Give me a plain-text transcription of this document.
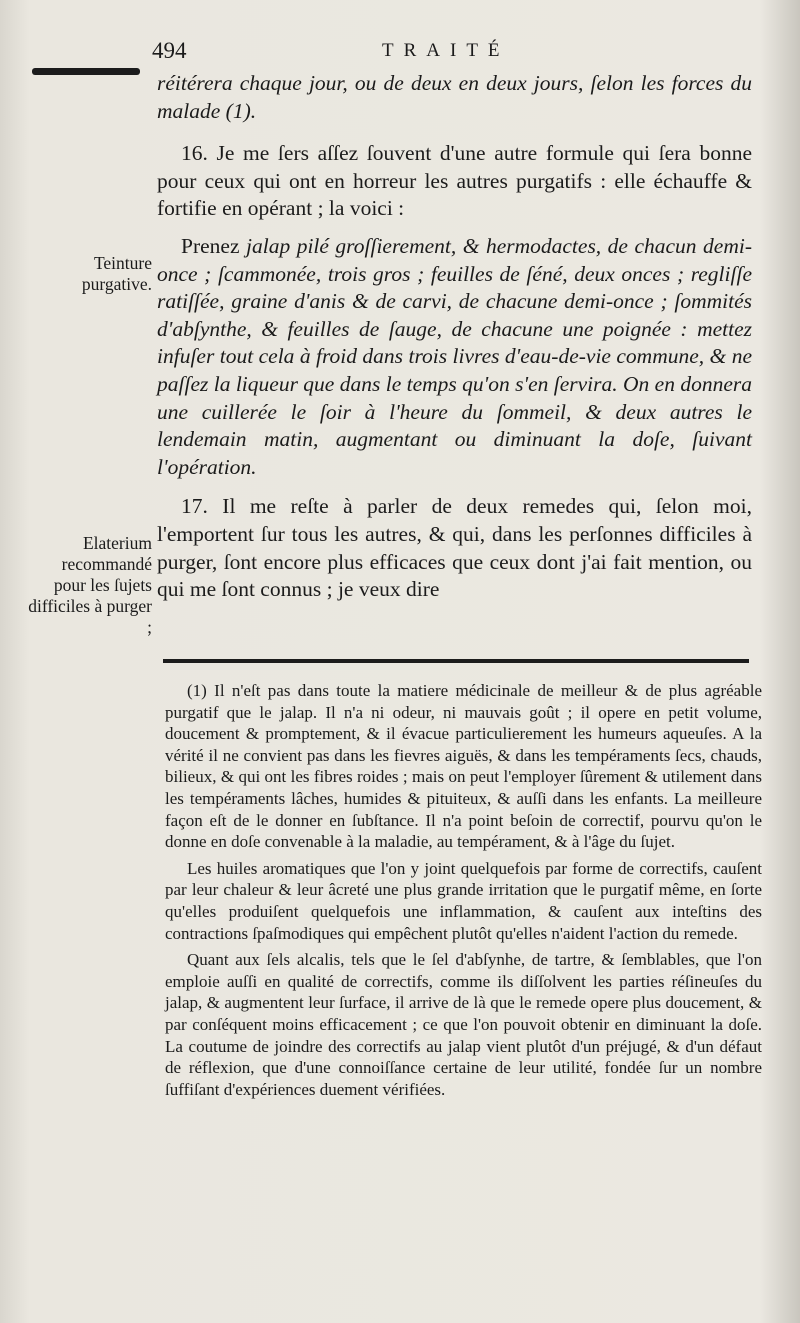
494	TRAITÉ

réitérera chaque jour, ou de deux en deux jours, ſelon les forces du malade (1).

16. Je me ſers aſſez ſouvent d'une autre formule qui ſera bonne pour ceux qui ont en horreur les autres purgatifs : elle échauffe & fortifie en opérant ; la voici :

Prenez jalap pilé groſſierement, & hermodactes, de chacun demi-once ; ſcammonée, trois gros ; feuilles de ſéné, deux onces ; regliſſe ratiſſée, graine d'anis & de carvi, de chacune demi-once ; ſommités d'abſynthe, & feuilles de ſauge, de chacune une poignée : mettez infuſer tout cela à froid dans trois livres d'eau-de-vie commune, & ne paſſez la liqueur que dans le temps qu'on s'en ſervira. On en donnera une cuillerée le ſoir à l'heure du ſommeil, & deux autres le lendemain matin, augmentant ou diminuant la doſe, ſuivant l'opération.

17. Il me reſte à parler de deux remedes qui, ſelon moi, l'emportent ſur tous les autres, & qui, dans les perſonnes difficiles à purger, ſont encore plus efficaces que ceux dont j'ai fait mention, ou qui me ſont connus ; je veux dire

Teinture purgative.
Elaterium recommandé pour les ſujets difficiles à purger ;

(1) Il n'eſt pas dans toute la matiere médicinale de meilleur & de plus agréable purgatif que le jalap. Il n'a ni odeur, ni mauvais goût ; il opere en petit volume, doucement & promptement, & il évacue particulierement les humeurs aqueuſes. A la vérité il ne convient pas dans les fievres aiguës, & dans les tempéraments ſecs, chauds, bilieux, & qui ont les fibres roides ; mais on peut l'employer ſûrement & utilement dans les tempéraments lâches, humides & pituiteux, & auſſi dans les enfants. La meilleure façon eſt de le donner en ſubſtance. Il n'a point beſoin de correctif, pourvu qu'on le donne en doſe convenable à la maladie, au tempérament, & à l'âge du ſujet.

Les huiles aromatiques que l'on y joint quelquefois par forme de correctifs, cauſent par leur chaleur & leur âcreté une plus grande irritation que le purgatif même, en ſorte qu'elles produiſent quelquefois une inflammation, & cauſent aux inteſtins des contractions ſpaſmodiques qui empêchent plutôt qu'elles n'aident l'action du remede.

Quant aux ſels alcalis, tels que le ſel d'abſynhe, de tartre, & ſemblables, que l'on emploie auſſi en qualité de correctifs, comme ils diſſolvent les parties réſineuſes du jalap, & augmentent leur ſurface, il arrive de là que le remede opere plus doucement, & par conſéquent moins efficacement ; ce que l'on pouvoit obtenir en diminuant la doſe. La coutume de joindre des correctifs au jalap vient plutôt d'un préjugé, & d'un défaut de réflexion, que d'une connoiſſance certaine de leur utilité, fondée ſur un nombre ſuffiſant d'expériences duement vérifiées.
